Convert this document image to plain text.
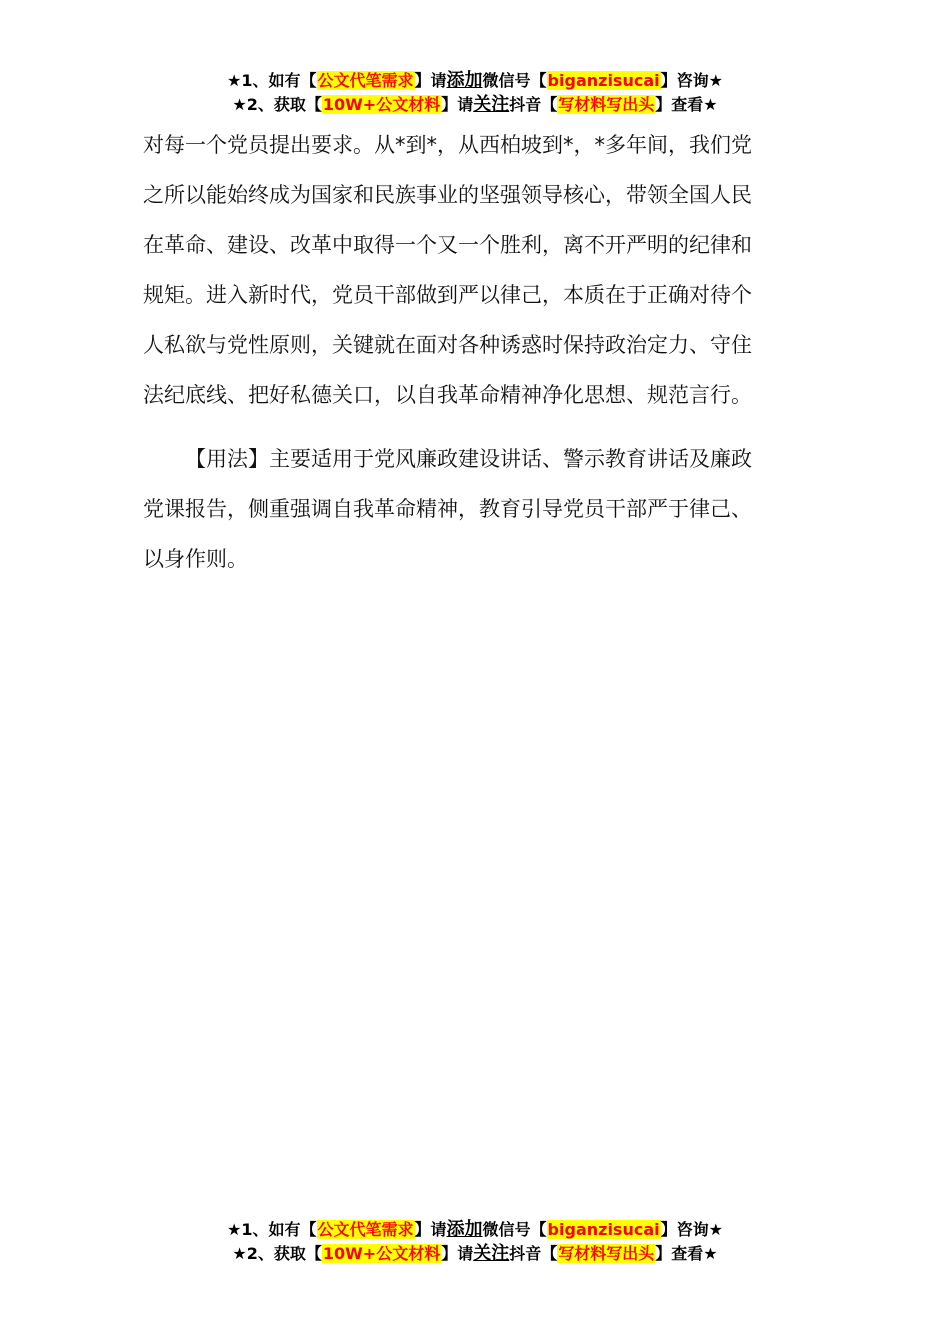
★1、如有【公文代笔需求】请添加微信号【biganzisucai】咨询★
★2、获取【10W+公文材料】请关注抖音【写材料写出头】查看★

对每一个党员提出要求。从*到*，从西柏坡到*，*多年间，我们党
之所以能始终成为国家和民族事业的坚强领导核心，带领全国人民
在革命、建设、改革中取得一个又一个胜利，离不开严明的纪律和
规矩。进入新时代，党员干部做到严以律己，本质在于正确对待个
人私欲与党性原则，关键就在面对各种诱惑时保持政治定力、守住
法纪底线、把好私德关口，以自我革命精神净化思想、规范言行。

【用法】主要适用于党风廉政建设讲话、警示教育讲话及廉政
党课报告，侧重强调自我革命精神，教育引导党员干部严于律己、
以身作则。

★1、如有【公文代笔需求】请添加微信号【biganzisucai】咨询★
★2、获取【10W+公文材料】请关注抖音【写材料写出头】查看★
